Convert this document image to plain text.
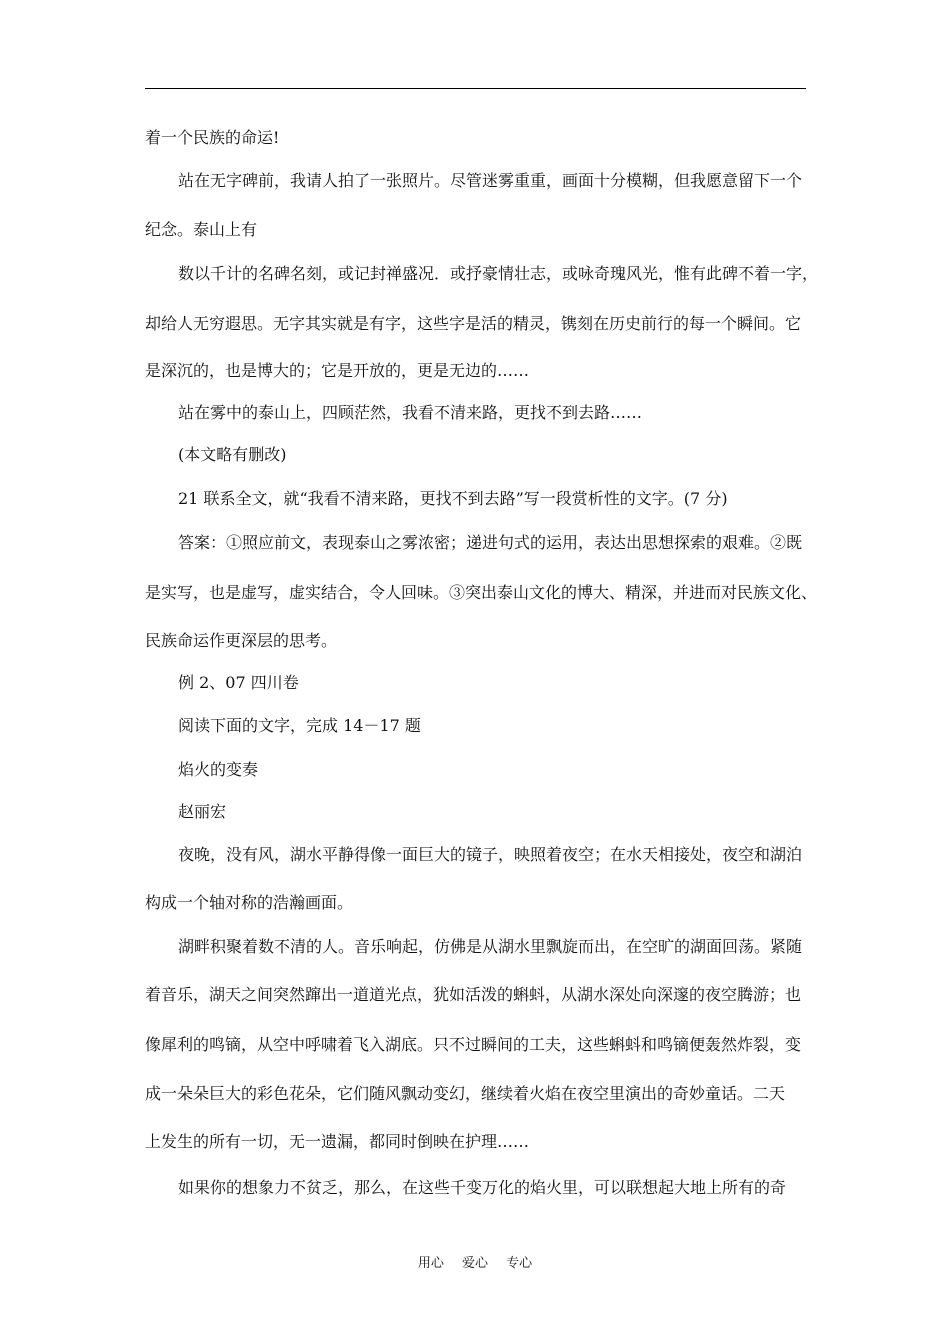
着一个民族的命运!
站在无字碑前，我请人拍了一张照片。尽管迷雾重重，画面十分模糊，但我愿意留下一个
纪念。泰山上有
数以千计的名碑名刻，或记封禅盛况．或抒豪情壮志，或咏奇瑰风光，惟有此碑不着一字，
却给人无穷遐思。无字其实就是有字，这些字是活的精灵，镌刻在历史前行的每一个瞬间。它
是深沉的，也是博大的；它是开放的，更是无边的……
站在雾中的泰山上，四顾茫然，我看不清来路，更找不到去路……
(本文略有删改)
21 联系全文，就“我看不清来路，更找不到去路”写一段赏析性的文字。(7 分)
答案：①照应前文，表现泰山之雾浓密；递进句式的运用，表达出思想探索的艰难。②既
是实写，也是虚写，虚实结合，令人回味。③突出泰山文化的博大、精深，并进而对民族文化、
民族命运作更深层的思考。
例 2、07 四川卷
阅读下面的文字，完成 14－17 题
焰火的变奏
赵丽宏
夜晚，没有风，湖水平静得像一面巨大的镜子，映照着夜空；在水天相接处，夜空和湖泊
构成一个轴对称的浩瀚画面。
湖畔积聚着数不清的人。音乐响起，仿佛是从湖水里飘旋而出，在空旷的湖面回荡。紧随
着音乐，湖天之间突然蹿出一道道光点，犹如活泼的蝌蚪，从湖水深处向深邃的夜空腾游；也
像犀利的鸣镝，从空中呼啸着飞入湖底。只不过瞬间的工夫，这些蝌蚪和鸣镝便轰然炸裂，变
成一朵朵巨大的彩色花朵，它们随风飘动变幻，继续着火焰在夜空里演出的奇妙童话。二天
上发生的所有一切，无一遗漏，都同时倒映在护理……
如果你的想象力不贫乏，那么，在这些千变万化的焰火里，可以联想起大地上所有的奇
用心 爱心 专心
